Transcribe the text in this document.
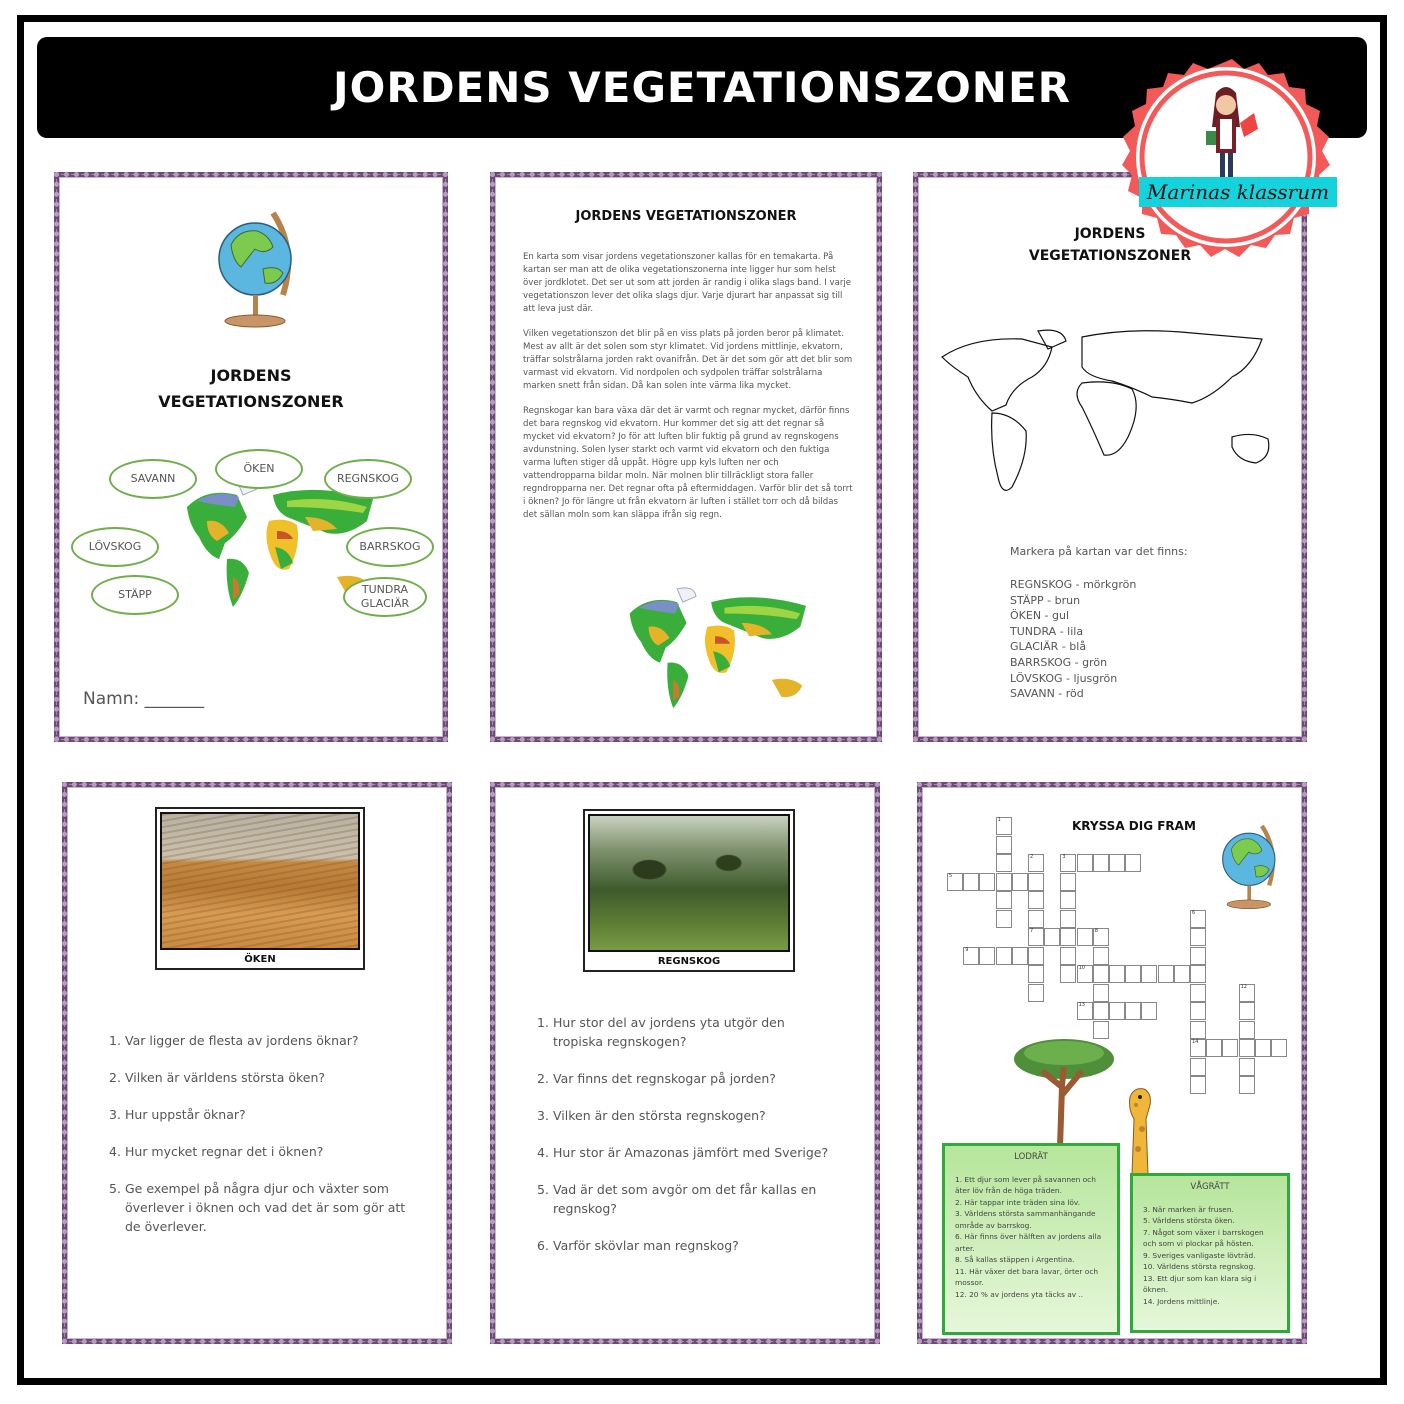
JORDENS VEGETATIONSZONER
JORDENS
VEGETATIONSZONER
SAVANN
ÖKEN
REGNSKOG
LÖVSKOG	BARRSKOG
STÄPP	TUNDRA GLACIÄR
Namn: _______
JORDENS VEGETATIONSZONER

En karta som visar jordens vegetationszoner kallas för en temakarta. På kartan ser man att de olika vegetationszonerna inte ligger hur som helst över jordklotet. Det ser ut som att jorden är randig i olika slags band. I varje vegetationszon lever det olika slags djur. Varje djurart har anpassat sig till att leva just där.

Vilken vegetationszon det blir på en viss plats på jorden beror på klimatet. Mest av allt är det solen som styr klimatet. Vid jordens mittlinje, ekvatorn, träffar solstrålarna jorden rakt ovanifrån. Det är det som gör att det blir som varmast vid ekvatorn. Vid nordpolen och sydpolen träffar solstrålarna marken snett från sidan. Då kan solen inte värma lika mycket.

Regnskogar kan bara växa där det är varmt och regnar mycket, därför finns det bara regnskog vid ekvatorn. Hur kommer det sig att det regnar så mycket vid ekvatorn? Jo för att luften blir fuktig på grund av regnskogens avdunstning. Solen lyser starkt och varmt vid ekvatorn och den fuktiga varma luften stiger då uppåt. Högre upp kyls luften ner och vattendropparna bildar moln. När molnen blir tillräckligt stora faller regndropparna ner. Det regnar ofta på eftermiddagen. Varför blir det så torrt i öknen? Jo för längre ut från ekvatorn är luften i stället torr och då bildas det sällan moln som kan släppa ifrån sig regn.

JORDENS
VEGETATIONSZONER
Markera på kartan var det finns:
REGNSKOG - mörkgrön
STÄPP - brun
ÖKEN - gul
TUNDRA - lila
GLACIÄR - blå
BARRSKOG - grön
LÖVSKOG - ljusgrön
SAVANN - röd
ÖKEN
1. Var ligger de flesta av jordens öknar?
2. Vilken är världens största öken?
3. Hur uppstår öknar?
4. Hur mycket regnar det i öknen?
5. Ge exempel på några djur och växter som överlever i öknen och vad det är som gör att de överlever.
REGNSKOG
1. Hur stor del av jordens yta utgör den tropiska regnskogen?
2. Var finns det regnskogar på jorden?
3. Vilken är den största regnskogen?
4. Hur stor är Amazonas jämfört med Sverige?
5. Vad är det som avgör om det får kallas en regnskog?
6. Varför skövlar man regnskog?
KRYSSA DIG FRAM
1
2
7
3
5
6
14
8
9
10
12
13
LODRÄT
1. Ett djur som lever på savannen och äter löv från de höga träden.
2. Här tappar inte träden sina löv.
3. Världens största sammanhängande område av barrskog.
6. Här finns över hälften av jordens alla arter.
8. Så kallas stäppen i Argentina.
11. Här växer det bara lavar, örter och mossor.
12. 20 % av jordens yta täcks av ..
VÅGRÄTT
3. När marken är frusen.
5. Världens största öken.
7. Något som växer i barrskogen och som vi plockar på hösten.
9. Sveriges vanligaste lövträd.
10. Världens största regnskog.
13. Ett djur som kan klara sig i öknen.
14. Jordens mittlinje.
Marinas klassrum
